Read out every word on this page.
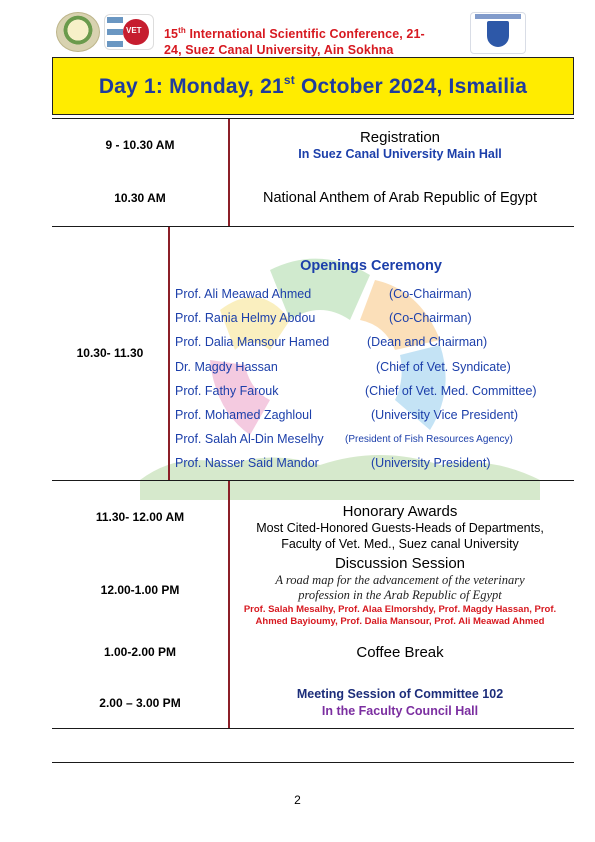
VET 15th International Scientific Conference, 21-
24, Suez Canal University, Ain Sokhna
Day 1: Monday, 21st October 2024, Ismailia
9 - 10.30 AM	Registration
In Suez Canal University Main Hall
10.30 AM	National Anthem of Arab Republic of Egypt
10.30- 11.30
Openings Ceremony
Prof. Ali Meawad Ahmed	(Co-Chairman)
Prof. Rania Helmy Abdou	(Co-Chairman)
Prof. Dalia Mansour Hamed	(Dean and Chairman)
Dr. Magdy Hassan	(Chief of Vet. Syndicate)
Prof. Fathy Farouk	(Chief of Vet. Med. Committee)
Prof. Mohamed Zaghloul	(University Vice President)
Prof. Salah Al-Din Meselhy (President of Fish Resources Agency)
Prof. Nasser Said Mandor	(University President)
11.30- 12.00 AM	Honorary Awards
Most Cited-Honored Guests-Heads of Departments,
Faculty of Vet. Med., Suez canal University
12.00-1.00 PM
Discussion Session
A road map for the advancement of the veterinary
profession in the Arab Republic of Egypt
Prof. Salah Mesalhy, Prof. Alaa Elmorshdy, Prof. Magdy Hassan, Prof.
Ahmed Bayioumy, Prof. Dalia Mansour, Prof. Ali Meawad Ahmed
1.00-2.00 PM	Coffee Break
2.00 – 3.00 PM
Meeting Session of Committee 102
In the Faculty Council Hall
2
